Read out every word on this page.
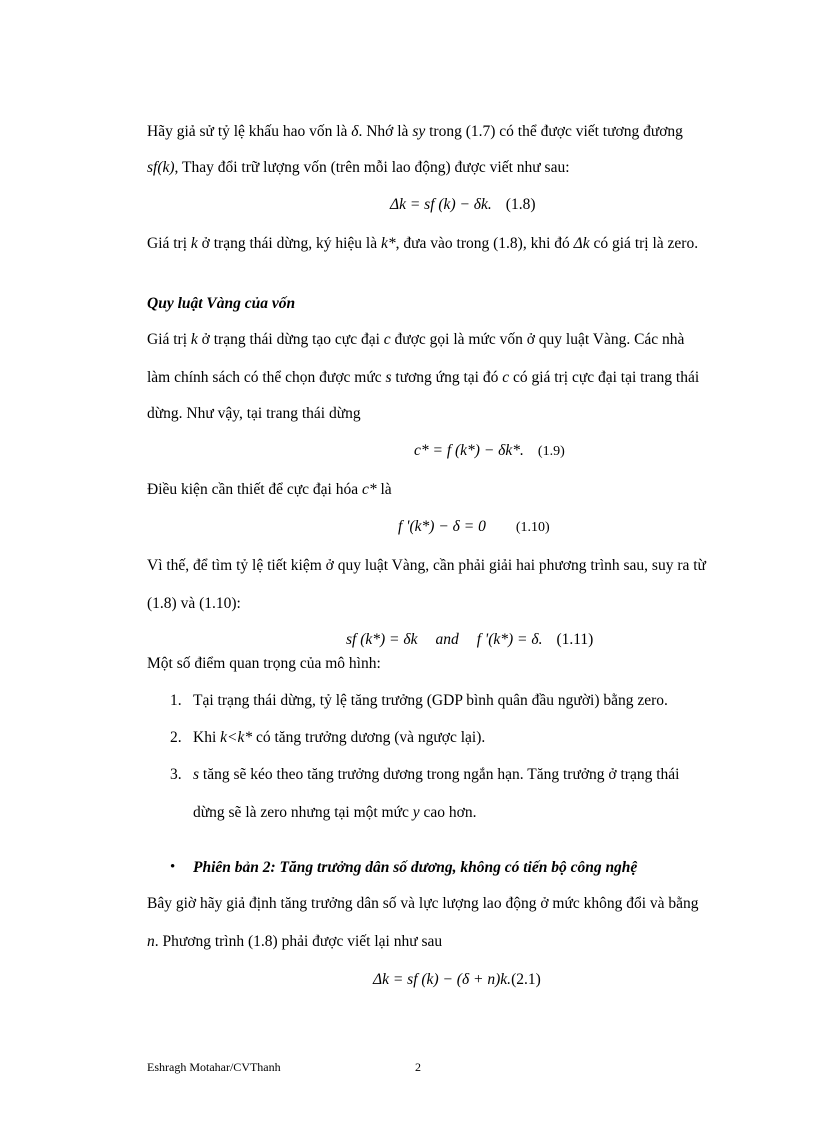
Hãy giả sử tỷ lệ khấu hao vốn là δ. Nhớ là sy trong (1.7) có thể được viết tương đương
sf(k), Thay đổi trữ lượng vốn (trên mỗi lao động) được viết như sau:
Δk = sf (k) − δk. (1.8)
Giá trị k ở trạng thái dừng, ký hiệu là k*, đưa vào trong (1.8), khi đó Δk có giá trị là zero.
Quy luật Vàng của vốn
Giá trị k ở trạng thái dừng tạo cực đại c được gọi là mức vốn ở quy luật Vàng. Các nhà
làm chính sách có thể chọn được mức s tương ứng tại đó c có giá trị cực đại tại trang thái
dừng. Như vậy, tại trang thái dừng
c* = f (k*) − δk*. (1.9)
Điều kiện cần thiết để cực đại hóa c* là
f '(k*) − δ = 0 (1.10)
Vì thế, để tìm tỷ lệ tiết kiệm ở quy luật Vàng, cần phải giải hai phương trình sau, suy ra từ
(1.8) và (1.10):
sf (k*) = δk and f '(k*) = δ. (1.11)
Một số điểm quan trọng của mô hình:
1. Tại trạng thái dừng, tỷ lệ tăng trưởng (GDP bình quân đầu người) bằng zero.
2. Khi k<k* có tăng trưởng dương (và ngược lại).
3. s tăng sẽ kéo theo tăng trưởng dương trong ngắn hạn. Tăng trưởng ở trạng thái
dừng sẽ là zero nhưng tại một mức y cao hơn.
• Phiên bản 2: Tăng trưởng dân số dương, không có tiến bộ công nghệ
Bây giờ hãy giả định tăng trưởng dân số và lực lượng lao động ở mức không đổi và bằng
n. Phương trình (1.8) phải được viết lại như sau
Δk = sf (k) − (δ + n)k.(2.1)
Eshragh Motahar/CVThanh	2
